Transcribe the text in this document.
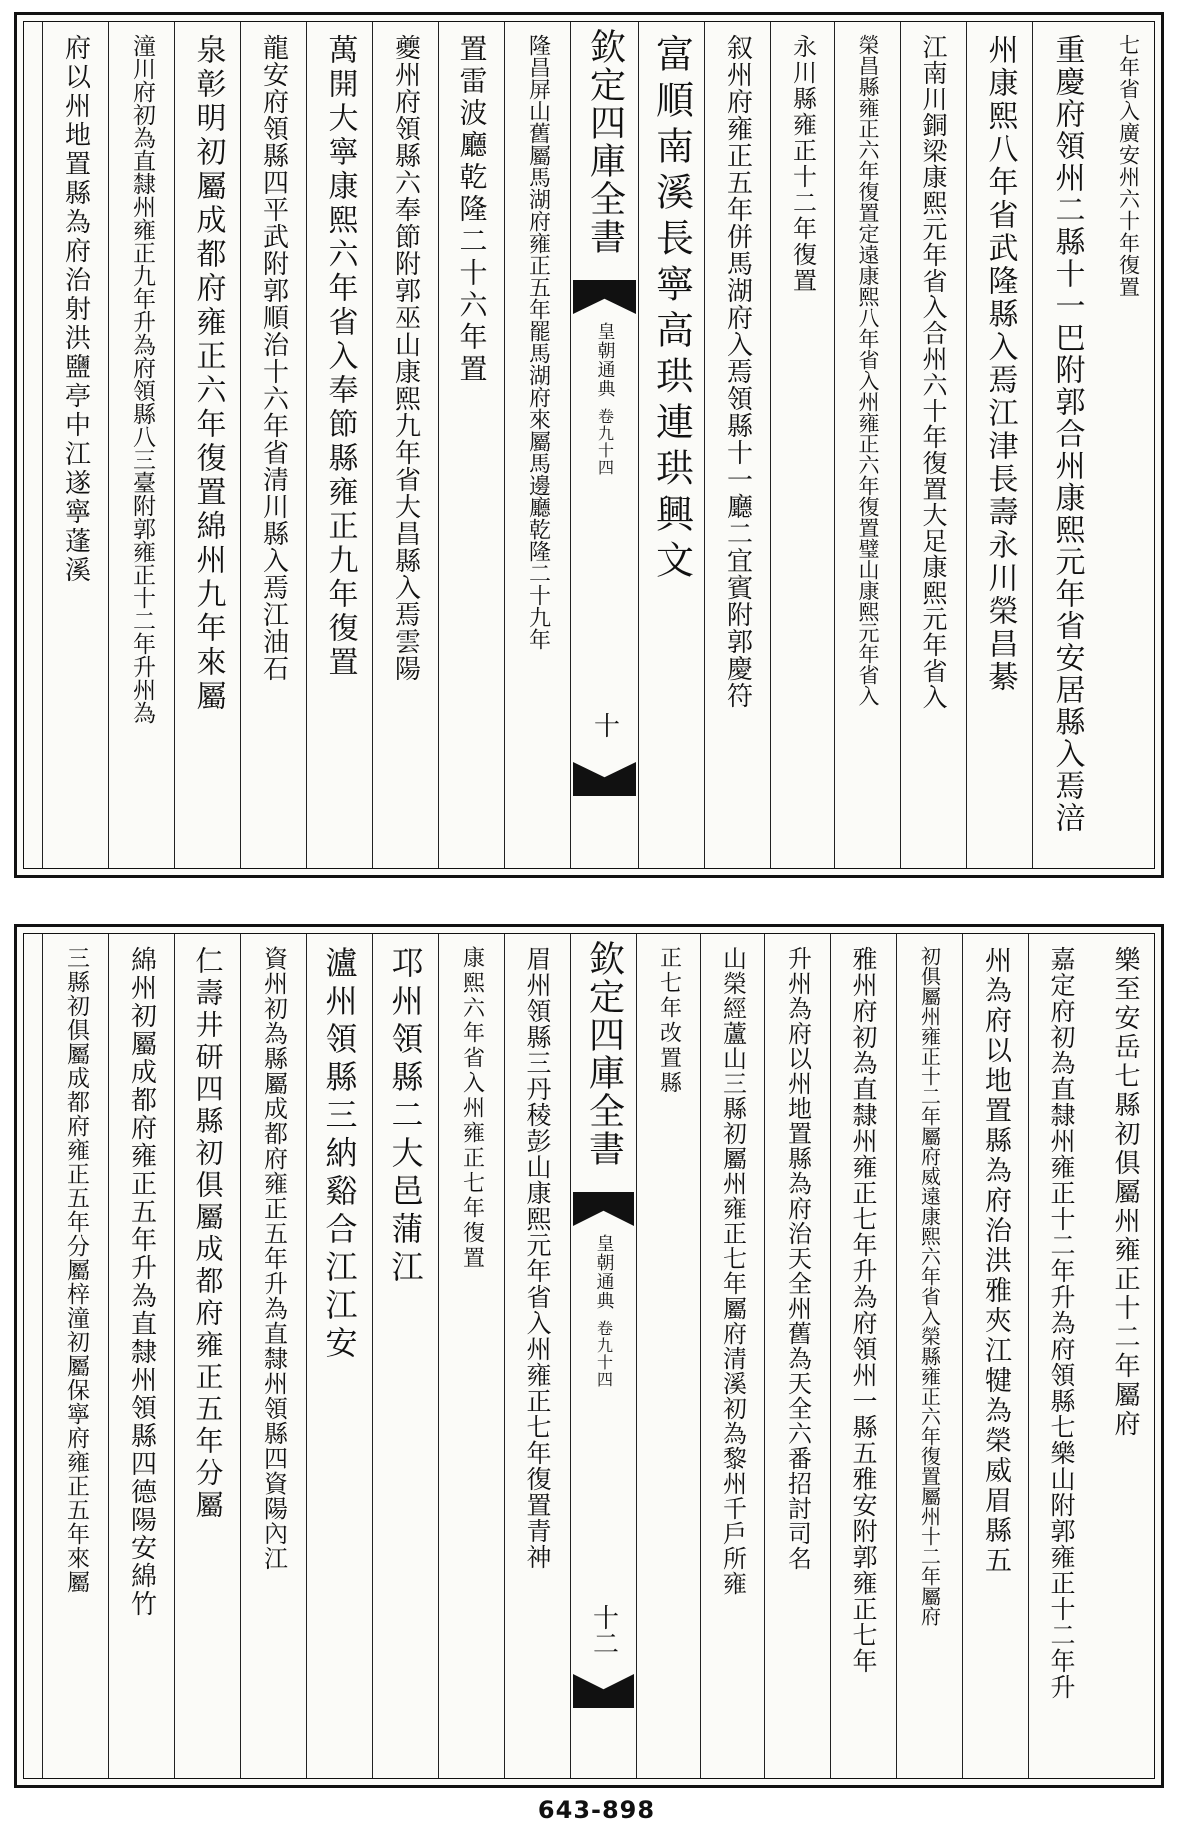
七年省入廣安州六十年復置
重慶府領州二縣十一巴附郭合州康熙元年省安居縣入焉涪
州康熙八年省武隆縣入焉江津長壽永川榮昌綦
江南川銅梁康熙元年省入合州六十年復置大足康熙元年省入
榮昌縣雍正六年復置定遠康熙八年省入州雍正六年復置璧山康熙元年省入
永川縣雍正十二年復置
叙州府雍正五年併馬湖府入焉領縣十一廳二宜賓附郭慶符
富順南溪長寧高珙連珙興文
欽定四庫全書
皇朝通典
卷九十四
十
隆昌屏山舊屬馬湖府雍正五年罷馬湖府來屬馬邊廳乾隆二十九年
置雷波廳乾隆二十六年置
夔州府領縣六奉節附郭巫山康熙九年省大昌縣入焉雲陽
萬開大寧康熙六年省入奉節縣雍正九年復置
龍安府領縣四平武附郭順治十六年省清川縣入焉江油石
泉彰明初屬成都府雍正六年復置綿州九年來屬
潼川府初為直隸州雍正九年升為府領縣八三臺附郭雍正十二年升州為
府以州地置縣為府治射洪鹽亭中江遂寧蓬溪
樂至安岳七縣初俱屬州雍正十二年屬府
嘉定府初為直隸州雍正十二年升為府領縣七樂山附郭雍正十二年升
州為府以地置縣為府治洪雅夾江犍為榮威眉縣五
初俱屬州雍正十二年屬府威遠康熙六年省入榮縣雍正六年復置屬州十二年屬府
雅州府初為直隸州雍正七年升為府領州一縣五雅安附郭雍正七年
升州為府以州地置縣為府治天全州舊為天全六番招討司名
山榮經蘆山三縣初屬州雍正七年屬府清溪初為黎州千戶所雍
正七年改置縣
欽定四庫全書
皇朝通典
卷九十四
十二
眉州領縣三丹稜彭山康熙元年省入州雍正七年復置青神
康熙六年省入州雍正七年復置
邛州領縣二大邑蒲江
瀘州領縣三納谿合江江安
資州初為縣屬成都府雍正五年升為直隸州領縣四資陽內江
仁壽井研四縣初俱屬成都府雍正五年分屬
綿州初屬成都府雍正五年升為直隸州領縣四德陽安綿竹
三縣初俱屬成都府雍正五年分屬梓潼初屬保寧府雍正五年來屬
643-898
